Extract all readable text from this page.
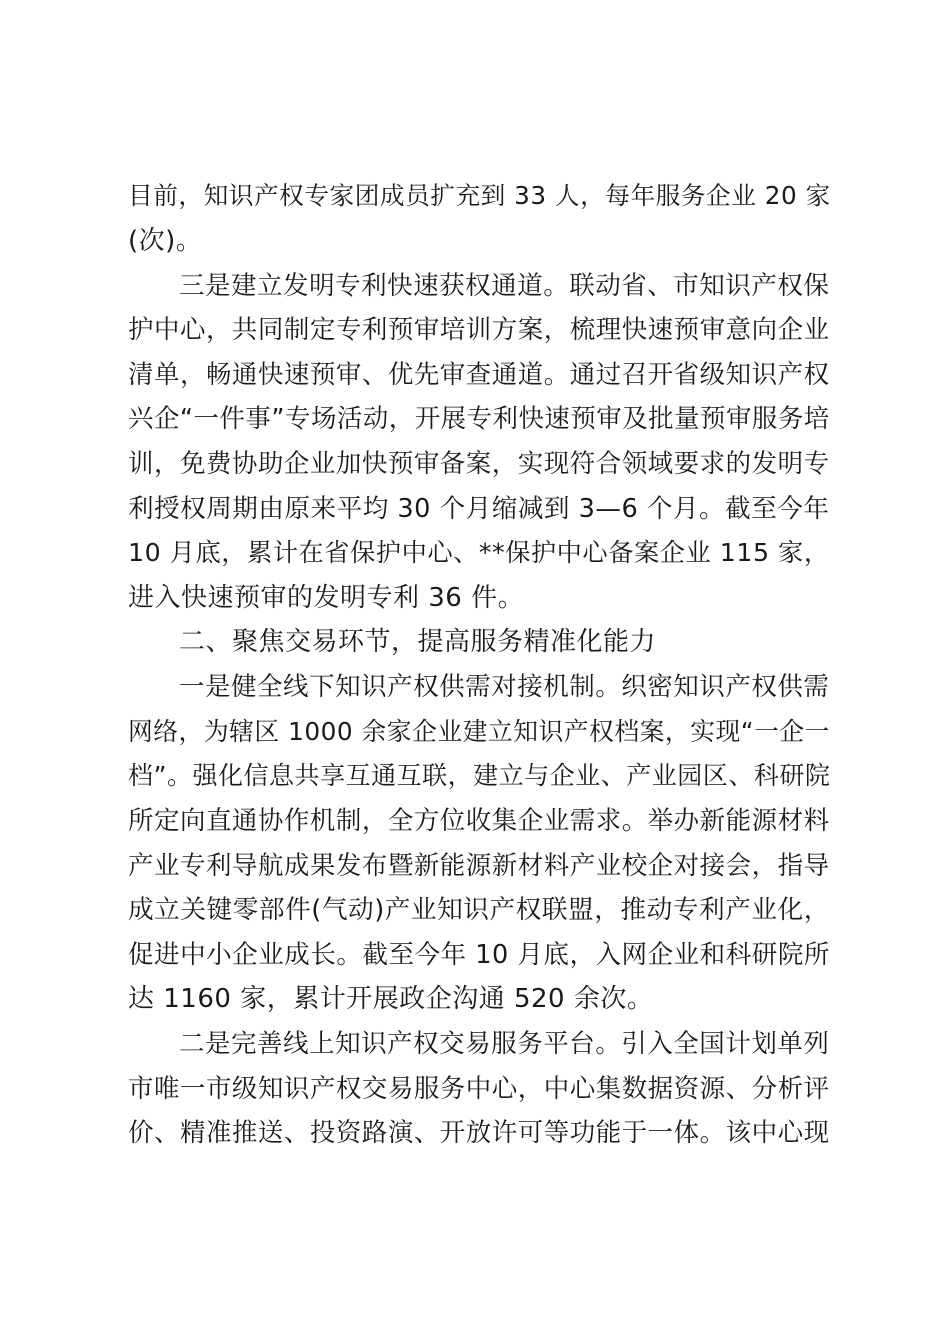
目前，知识产权专家团成员扩充到 33 人，每年服务企业 20 家
(次)。
三是建立发明专利快速获权通道。联动省、市知识产权保
护中心，共同制定专利预审培训方案，梳理快速预审意向企业
清单，畅通快速预审、优先审查通道。通过召开省级知识产权
兴企“一件事”专场活动，开展专利快速预审及批量预审服务培
训，免费协助企业加快预审备案，实现符合领域要求的发明专
利授权周期由原来平均 30 个月缩减到 3—6 个月。截至今年
10 月底，累计在省保护中心、**保护中心备案企业 115 家，
进入快速预审的发明专利 36 件。
二、聚焦交易环节，提高服务精准化能力
一是健全线下知识产权供需对接机制。织密知识产权供需
网络，为辖区 1000 余家企业建立知识产权档案，实现“一企一
档”。强化信息共享互通互联，建立与企业、产业园区、科研院
所定向直通协作机制，全方位收集企业需求。举办新能源材料
产业专利导航成果发布暨新能源新材料产业校企对接会，指导
成立关键零部件(气动)产业知识产权联盟，推动专利产业化，
促进中小企业成长。截至今年 10 月底，入网企业和科研院所
达 1160 家，累计开展政企沟通 520 余次。
二是完善线上知识产权交易服务平台。引入全国计划单列
市唯一市级知识产权交易服务中心，中心集数据资源、分析评
价、精准推送、投资路演、开放许可等功能于一体。该中心现
